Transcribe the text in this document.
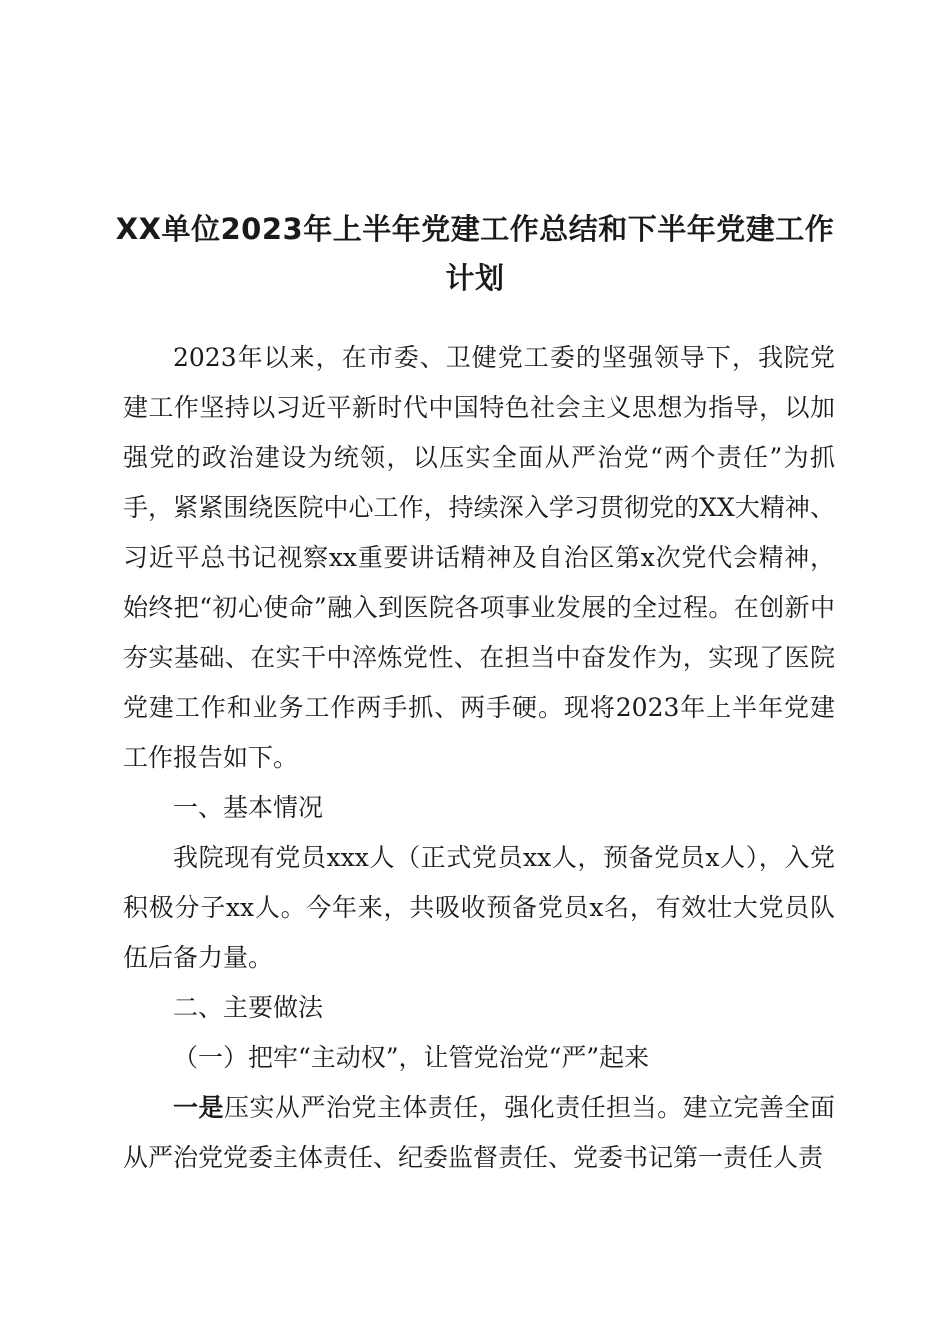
XX单位2023年上半年党建工作总结和下半年党建工作
计划

2023年以来，在市委、卫健党工委的坚强领导下，我院党建工作坚持以习近平新时代中国特色社会主义思想为指导，以加强党的政治建设为统领，以压实全面从严治党“两个责任”为抓手，紧紧围绕医院中心工作，持续深入学习贯彻党的XX大精神、习近平总书记视察xx重要讲话精神及自治区第x次党代会精神，始终把“初心使命”融入到医院各项事业发展的全过程。在创新中夯实基础、在实干中淬炼党性、在担当中奋发作为，实现了医院党建工作和业务工作两手抓、两手硬。现将2023年上半年党建工作报告如下。

一、基本情况

我院现有党员xxx人（正式党员xx人，预备党员x人），入党积极分子xx人。今年来，共吸收预备党员x名，有效壮大党员队伍后备力量。

二、主要做法

（一）把牢“主动权”，让管党治党“严”起来

一是压实从严治党主体责任，强化责任担当。建立完善全面从严治党党委主体责任、纪委监督责任、党委书记第一责任人责
